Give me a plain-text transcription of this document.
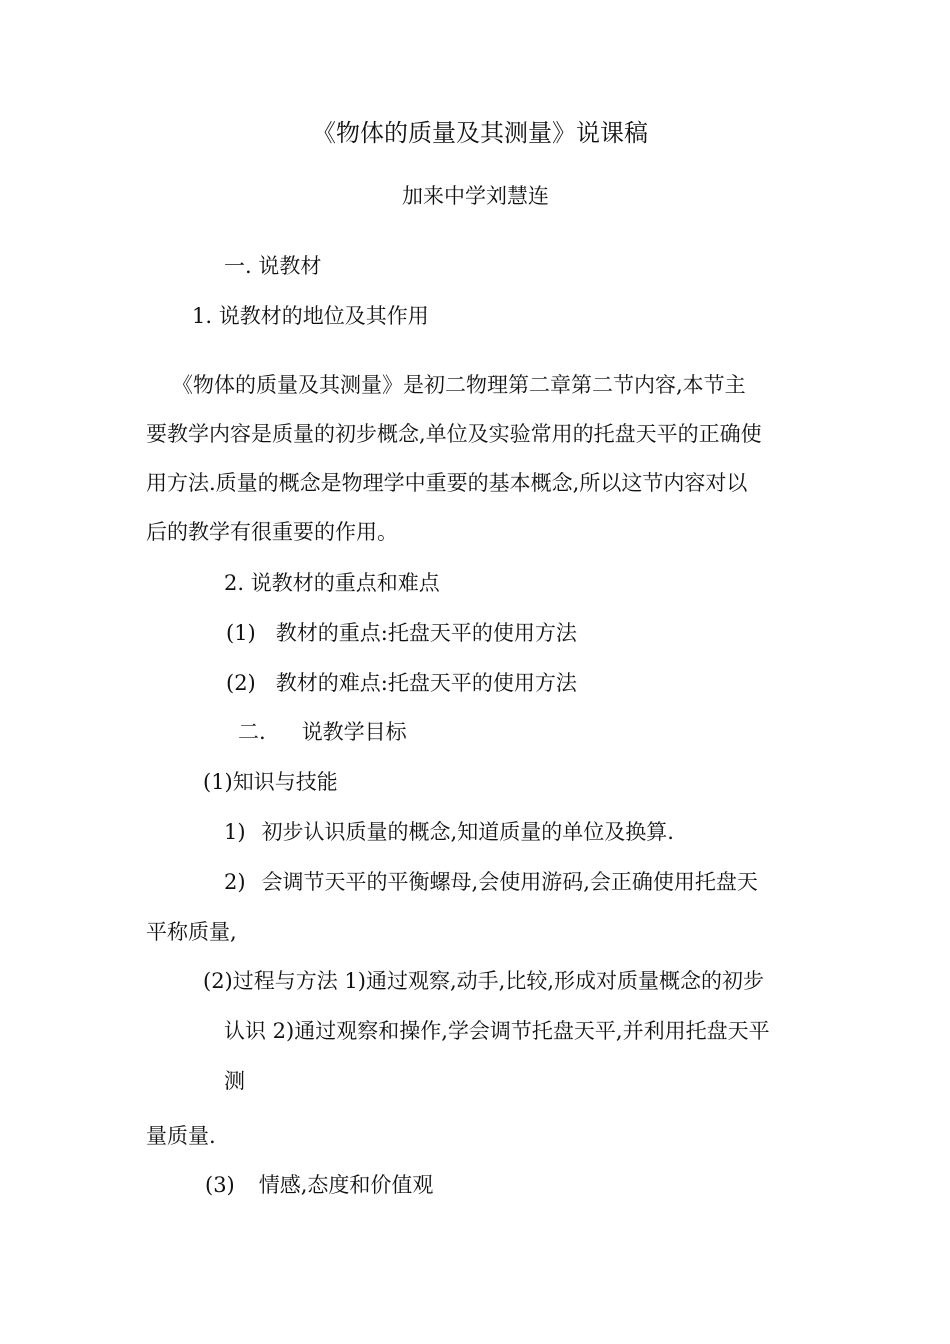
《物体的质量及其测量》说课稿
加来中学刘慧连
一. 说教材
1. 说教材的地位及其作用
《物体的质量及其测量》是初二物理第二章第二节内容,本节主
要教学内容是质量的初步概念,单位及实验常用的托盘天平的正确使
用方法.质量的概念是物理学中重要的基本概念,所以这节内容对以
后的教学有很重要的作用。
2. 说教材的重点和难点
(1) 教材的重点:托盘天平的使用方法
(2) 教材的难点:托盘天平的使用方法
二. 说教学目标
(1)知识与技能
1) 初步认识质量的概念,知道质量的单位及换算.
2) 会调节天平的平衡螺母,会使用游码,会正确使用托盘天
平称质量,
(2)过程与方法 1)通过观察,动手,比较,形成对质量概念的初步
认识 2)通过观察和操作,学会调节托盘天平,并利用托盘天平
测
量质量.
(3) 情感,态度和价值观
